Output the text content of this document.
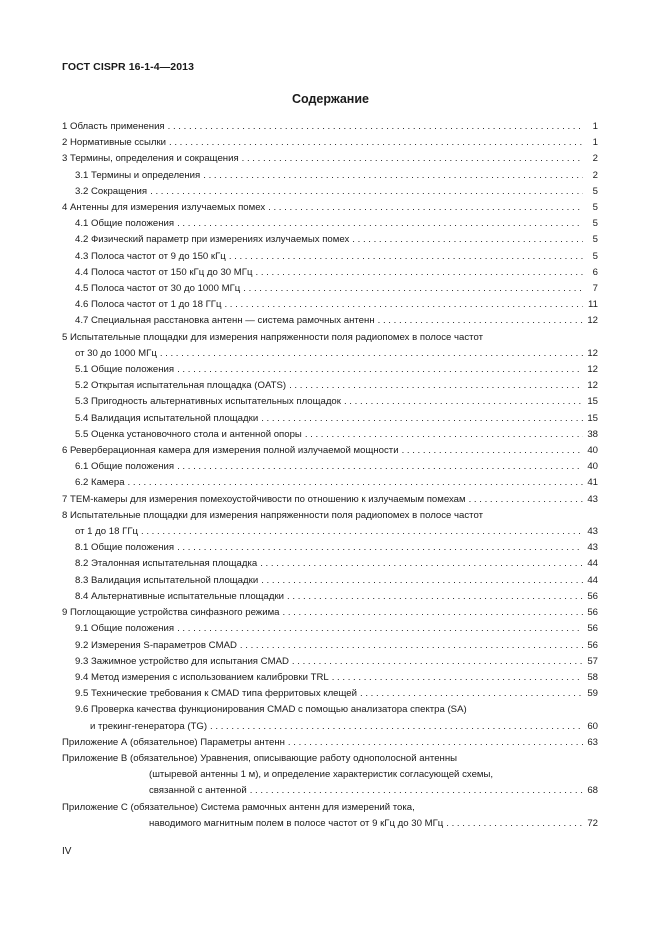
ГОСТ CISPR 16-1-4—2013
Содержание
1 Область применения . . .	1
2 Нормативные ссылки . . .	1
3 Термины, определения и сокращения . . .	2
3.1 Термины и определения . . .	2
3.2 Сокращения . . .	5
4 Антенны для измерения излучаемых помех . . .	5
4.1 Общие положения . . .	5
4.2 Физический параметр при измерениях излучаемых помех . . .	5
4.3 Полоса частот от 9 до 150 кГц . . .	5
4.4 Полоса частот от 150 кГц до 30 МГц . . .	6
4.5 Полоса частот от 30 до 1000 МГц . . .	7
4.6 Полоса частот от 1 до 18 ГГц . . .	11
4.7 Специальная расстановка антенн — система рамочных антенн . . .	12
5 Испытательные площадки для измерения напряженности поля радиопомех в полосе частот
от 30 до 1000 МГц . . .	12
5.1 Общие положения . . .	12
5.2 Открытая испытательная площадка (OATS) . . .	12
5.3 Пригодность альтернативных испытательных площадок . . .	15
5.4 Валидация испытательной площадки . . .	15
5.5 Оценка установочного стола и антенной опоры . . .	38
6 Реверберационная камера для измерения полной излучаемой мощности . . .	40
6.1 Общие положения . . .	40
6.2 Камера . . .	41
7 ТЕМ-камеры для измерения помехоустойчивости по отношению к излучаемым помехам . . .	43
8 Испытательные площадки для измерения напряженности поля радиопомех в полосе частот
от 1 до 18 ГГц . . .	43
8.1 Общие положения . . .	43
8.2 Эталонная испытательная площадка . . .	44
8.3 Валидация испытательной площадки . . .	44
8.4 Альтернативные испытательные площадки . . .	56
9 Поглощающие устройства синфазного режима . . .	56
9.1 Общие положения . . .	56
9.2 Измерения S-параметров CMAD . . .	56
9.3 Зажимное устройство для испытания CMAD . . .	57
9.4 Метод измерения с использованием калибровки TRL . . .	58
9.5 Технические требования к CMAD типа ферритовых клещей . . .	59
9.6 Проверка качества функционирования CMAD с помощью анализатора спектра (SA)
и трекинг-генератора (TG) . . .	60
Приложение А (обязательное) Параметры антенн . . .	63
Приложение В (обязательное) Уравнения, описывающие работу однополосной антенны
(штыревой антенны 1 м), и определение характеристик согласующей схемы,
связанной с антенной . . .	68
Приложение С (обязательное) Система рамочных антенн для измерений тока,
наводимого магнитным полем в полосе частот от 9 кГц до 30 МГц . . .	72
IV
